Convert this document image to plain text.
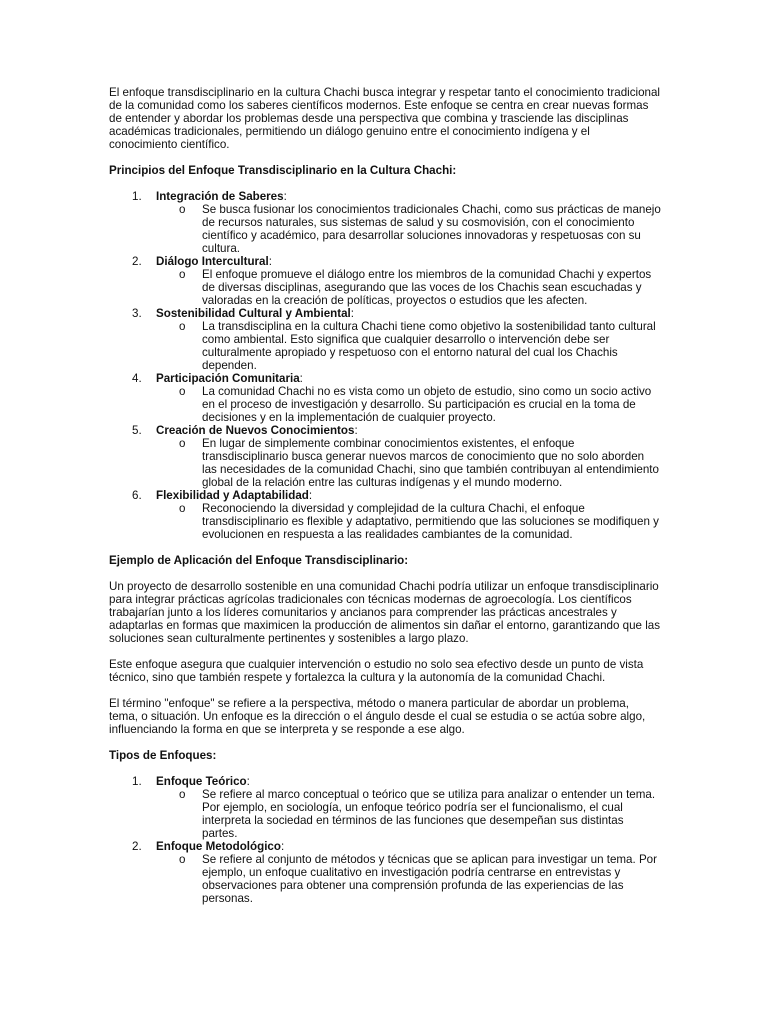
El enfoque transdisciplinario en la cultura Chachi busca integrar y respetar tanto el conocimiento tradicional de la comunidad como los saberes científicos modernos. Este enfoque se centra en crear nuevas formas de entender y abordar los problemas desde una perspectiva que combina y trasciende las disciplinas académicas tradicionales, permitiendo un diálogo genuino entre el conocimiento indígena y el conocimiento científico.

Principios del Enfoque Transdisciplinario en la Cultura Chachi:
1. Integración de Saberes:
o Se busca fusionar los conocimientos tradicionales Chachi, como sus prácticas de manejo de recursos naturales, sus sistemas de salud y su cosmovisión, con el conocimiento científico y académico, para desarrollar soluciones innovadoras y respetuosas con su cultura.
2. Diálogo Intercultural:
o El enfoque promueve el diálogo entre los miembros de la comunidad Chachi y expertos de diversas disciplinas, asegurando que las voces de los Chachis sean escuchadas y valoradas en la creación de políticas, proyectos o estudios que les afecten.
3. Sostenibilidad Cultural y Ambiental:
o La transdisciplina en la cultura Chachi tiene como objetivo la sostenibilidad tanto cultural como ambiental. Esto significa que cualquier desarrollo o intervención debe ser culturalmente apropiado y respetuoso con el entorno natural del cual los Chachis dependen.
4. Participación Comunitaria:
o La comunidad Chachi no es vista como un objeto de estudio, sino como un socio activo en el proceso de investigación y desarrollo. Su participación es crucial en la toma de decisiones y en la implementación de cualquier proyecto.
5. Creación de Nuevos Conocimientos:
o En lugar de simplemente combinar conocimientos existentes, el enfoque transdisciplinario busca generar nuevos marcos de conocimiento que no solo aborden las necesidades de la comunidad Chachi, sino que también contribuyan al entendimiento global de la relación entre las culturas indígenas y el mundo moderno.
6. Flexibilidad y Adaptabilidad:
o Reconociendo la diversidad y complejidad de la cultura Chachi, el enfoque transdisciplinario es flexible y adaptativo, permitiendo que las soluciones se modifiquen y evolucionen en respuesta a las realidades cambiantes de la comunidad.
Ejemplo de Aplicación del Enfoque Transdisciplinario:

Un proyecto de desarrollo sostenible en una comunidad Chachi podría utilizar un enfoque transdisciplinario para integrar prácticas agrícolas tradicionales con técnicas modernas de agroecología. Los científicos trabajarían junto a los líderes comunitarios y ancianos para comprender las prácticas ancestrales y adaptarlas en formas que maximicen la producción de alimentos sin dañar el entorno, garantizando que las soluciones sean culturalmente pertinentes y sostenibles a largo plazo.

Este enfoque asegura que cualquier intervención o estudio no solo sea efectivo desde un punto de vista técnico, sino que también respete y fortalezca la cultura y la autonomía de la comunidad Chachi.

El término "enfoque" se refiere a la perspectiva, método o manera particular de abordar un problema, tema, o situación. Un enfoque es la dirección o el ángulo desde el cual se estudia o se actúa sobre algo, influenciando la forma en que se interpreta y se responde a ese algo.

Tipos de Enfoques:
1. Enfoque Teórico:
o Se refiere al marco conceptual o teórico que se utiliza para analizar o entender un tema. Por ejemplo, en sociología, un enfoque teórico podría ser el funcionalismo, el cual interpreta la sociedad en términos de las funciones que desempeñan sus distintas partes.
2. Enfoque Metodológico:
o Se refiere al conjunto de métodos y técnicas que se aplican para investigar un tema. Por ejemplo, un enfoque cualitativo en investigación podría centrarse en entrevistas y observaciones para obtener una comprensión profunda de las experiencias de las personas.
